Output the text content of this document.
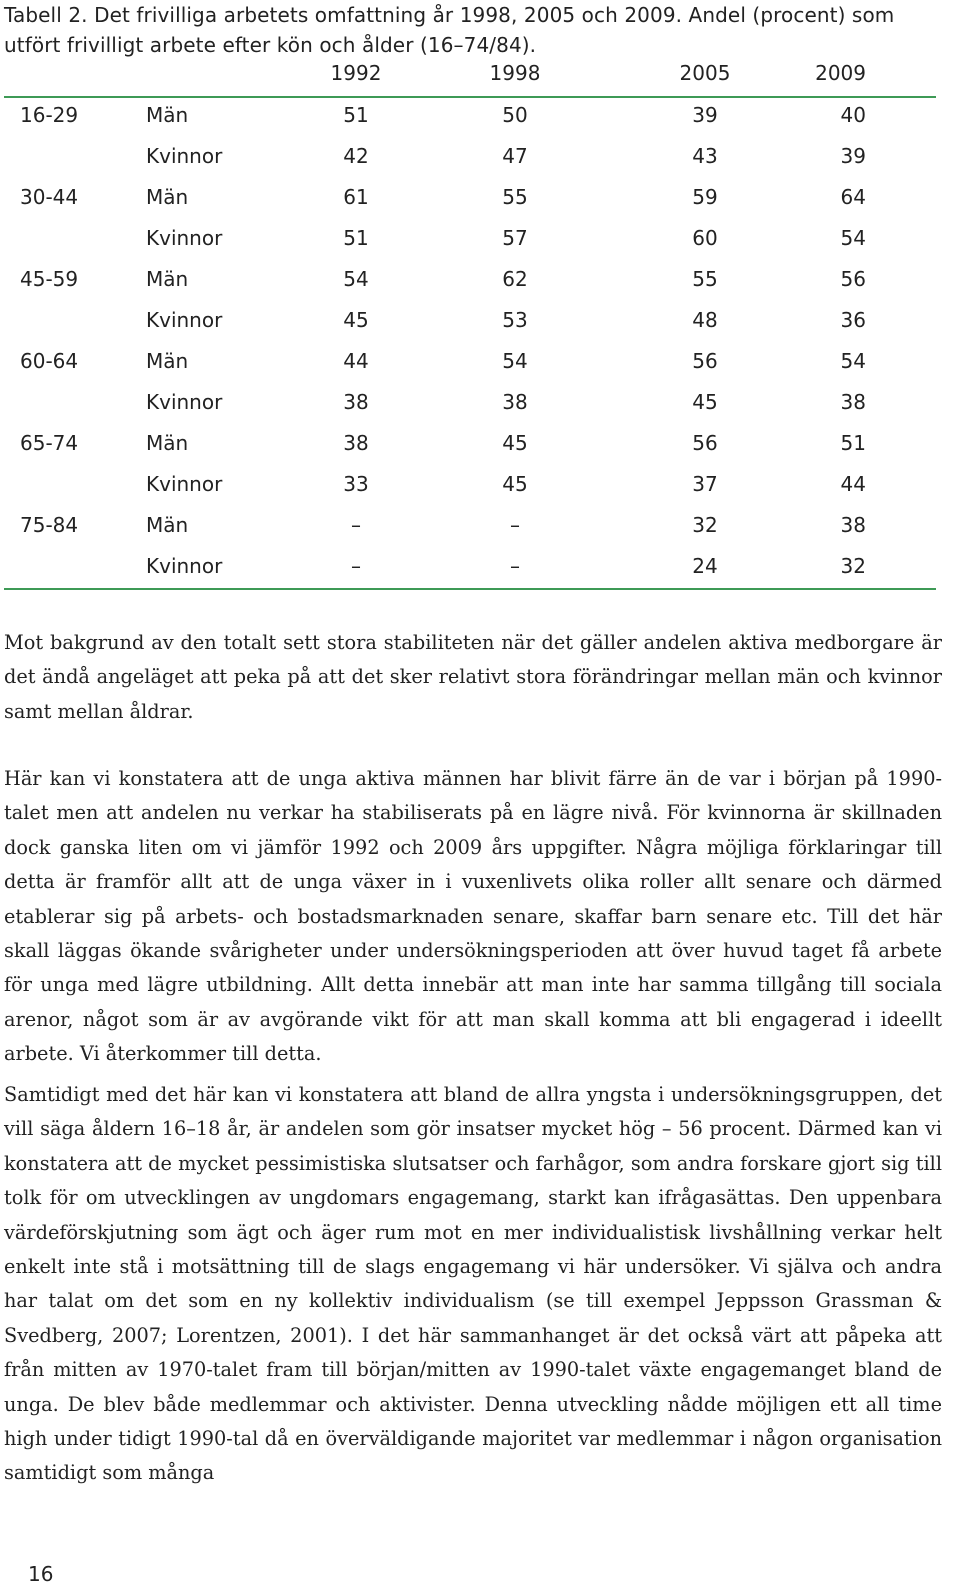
Tabell 2. Det frivilliga arbetets omfattning år 1998, 2005 och 2009. Andel (procent) som utfört frivilligt arbete efter kön och ålder (16–74/84).
		1992	1998	2005	2009
16-29	Män	51	50	39	40
	Kvinnor	42	47	43	39
30-44	Män	61	55	59	64
	Kvinnor	51	57	60	54
45-59	Män	54	62	55	56
	Kvinnor	45	53	48	36
60-64	Män	44	54	56	54
	Kvinnor	38	38	45	38
65-74	Män	38	45	56	51
	Kvinnor	33	45	37	44
75-84	Män	–	–	32	38
	Kvinnor	–	–	24	32

Mot bakgrund av den totalt sett stora stabiliteten när det gäller andelen aktiva medborgare är det ändå angeläget att peka på att det sker relativt stora förändringar mellan män och kvinnor samt mellan åldrar.

Här kan vi konstatera att de unga aktiva männen har blivit färre än de var i början på 1990-talet men att andelen nu verkar ha stabiliserats på en lägre nivå. För kvinnorna är skillnaden dock ganska liten om vi jämför 1992 och 2009 års uppgifter. Några möjliga förklaringar till detta är framför allt att de unga växer in i vuxenlivets olika roller allt senare och därmed etablerar sig på arbets- och bostadsmarknaden senare, skaffar barn senare etc. Till det här skall läggas ökande svårigheter under undersökningsperioden att över huvud taget få arbete för unga med lägre utbildning. Allt detta innebär att man inte har samma tillgång till sociala arenor, något som är av avgörande vikt för att man skall komma att bli engagerad i ideellt arbete. Vi återkommer till detta.

Samtidigt med det här kan vi konstatera att bland de allra yngsta i undersökningsgruppen, det vill säga åldern 16–18 år, är andelen som gör insatser mycket hög – 56 procent. Därmed kan vi konstatera att de mycket pessimistiska slutsatser och farhågor, som andra forskare gjort sig till tolk för om utvecklingen av ungdomars engagemang, starkt kan ifrågasättas. Den uppenbara värdeförskjutning som ägt och äger rum mot en mer individualistisk livshållning verkar helt enkelt inte stå i motsättning till de slags engagemang vi här undersöker. Vi själva och andra har talat om det som en ny kollektiv individualism (se till exempel Jeppsson Grassman & Svedberg, 2007; Lorentzen, 2001). I det här sammanhanget är det också värt att påpeka att från mitten av 1970-talet fram till början/mitten av 1990-talet växte engagemanget bland de unga. De blev både medlemmar och aktivister. Denna utveckling nådde möjligen ett all time high under tidigt 1990-tal då en överväldigande majoritet var medlemmar i någon organisation samtidigt som många

16
